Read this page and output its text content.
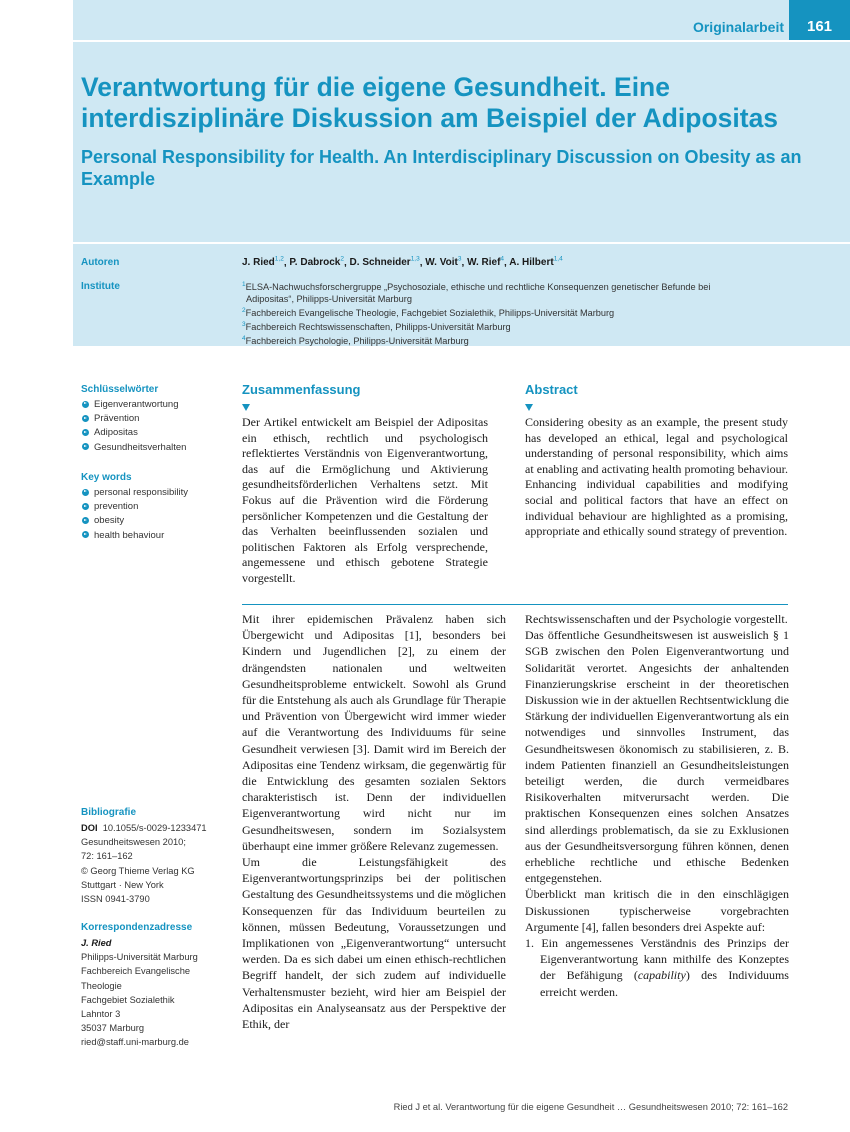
Originalarbeit	161
Verantwortung für die eigene Gesundheit. Eine interdisziplinäre Diskussion am Beispiel der Adipositas
Personal Responsibility for Health. An Interdisciplinary Discussion on Obesity as an Example
Autoren	J. Ried$^{1,2}$, P. Dabrock$^2$, D. Schneider$^{1,3}$, W. Voit$^3$, W. Rief$^4$, A. Hilbert$^{1,4}$
Institute	$^1$ELSA-Nachwuchsforschergruppe „Psychosoziale, ethische und rechtliche Konsequenzen genetischer Befunde bei
Adipositas“, Philipps-Universität Marburg
$^2$Fachbereich Evangelische Theologie, Fachgebiet Sozialethik, Philipps-Universität Marburg
$^3$Fachbereich Rechtswissenschaften, Philipps-Universität Marburg
$^4$Fachbereich Psychologie, Philipps-Universität Marburg
Schlüsselwörter
Eigenverantwortung
Prävention
Adipositas
Gesundheitsverhalten
Key words
personal responsibility
prevention
obesity
health behaviour
Zusammenfassung

Der Artikel entwickelt am Beispiel der Adipositas ein ethisch, rechtlich und psychologisch reflektiertes Verständnis von Eigenverantwortung, das auf die Ermöglichung und Aktivierung gesundheitsförderlichen Verhaltens setzt. Mit Fokus auf die Prävention wird die Förderung persönlicher Kompetenzen und die Gestaltung der das Verhalten beeinflussenden sozialen und politischen Faktoren als Erfolg versprechende, angemessene und ethisch gebotene Strategie vorgestellt.

Abstract

Considering obesity as an example, the present study has developed an ethical, legal and psychological understanding of personal responsibility, which aims at enabling and activating health promoting behaviour. Enhancing individual capabilities and modifying social and political factors that have an effect on individual behaviour are highlighted as a promising, appropriate and ethically sound strategy of prevention.

Mit ihrer epidemischen Prävalenz haben sich Übergewicht und Adipositas [1], besonders bei Kindern und Jugendlichen [2], zu einem der drängendsten nationalen und weltweiten Gesundheitsprobleme entwickelt. Sowohl als Grund für die Entstehung als auch als Grundlage für Therapie und Prävention von Übergewicht wird immer wieder auf die Verantwortung des Individuums für seine Gesundheit verwiesen [3]. Damit wird im Bereich der Adipositas eine Tendenz wirksam, die gegenwärtig für die Entwicklung des gesamten sozialen Sektors charakteristisch ist. Denn der individuellen Eigenverantwortung wird nicht nur im Gesundheitswesen, sondern im Sozialsystem überhaupt eine immer größere Relevanz zugemessen.

Um die Leistungsfähigkeit des Eigenverantwortungsprinzips bei der politischen Gestaltung des Gesundheitssystems und die möglichen Konsequenzen für das Individuum beurteilen zu können, müssen Bedeutung, Voraussetzungen und Implikationen von „Eigenverantwortung“ untersucht werden. Da es sich dabei um einen ethisch-rechtlichen Begriff handelt, der sich zudem auf individuelle Verhaltensmuster bezieht, wird hier am Beispiel der Adipositas ein Analyseansatz aus der Perspektive der Ethik, der

Rechtswissenschaften und der Psychologie vorgestellt.

Das öffentliche Gesundheitswesen ist ausweislich § 1 SGB zwischen den Polen Eigenverantwortung und Solidarität verortet. Angesichts der anhaltenden Finanzierungskrise erscheint in der theoretischen Diskussion wie in der aktuellen Rechtsentwicklung die Stärkung der individuellen Eigenverantwortung als ein notwendiges und sinnvolles Instrument, das Gesundheitswesen ökonomisch zu stabilisieren, z. B. indem Patienten finanziell an Gesundheitsleistungen beteiligt werden, die durch vermeidbares Risikoverhalten mitverursacht werden. Die praktischen Konsequenzen eines solchen Ansatzes sind allerdings problematisch, da sie zu Exklusionen aus der Gesundheitsversorgung führen können, denen erhebliche rechtliche und ethische Bedenken entgegenstehen.

Überblickt man kritisch die in den einschlägigen Diskussionen typischerweise vorgebrachten Argumente [4], fallen besonders drei Aspekte auf:

1. Ein angemessenes Verständnis des Prinzips der Eigenverantwortung kann mithilfe des Konzeptes der Befähigung (capability) des Individuums erreicht werden.
Bibliografie
DOI 10.1055/s-0029-1233471
Gesundheitswesen 2010;
72: 161–162
© Georg Thieme Verlag KG
Stuttgart · New York
ISSN 0941-3790
Korrespondenzadresse
J. Ried
Philipps-Universität Marburg
Fachbereich Evangelische
Theologie
Fachgebiet Sozialethik
Lahntor 3
35037 Marburg
ried@staff.uni-marburg.de
Ried J et al. Verantwortung für die eigene Gesundheit … Gesundheitswesen 2010; 72: 161–162
